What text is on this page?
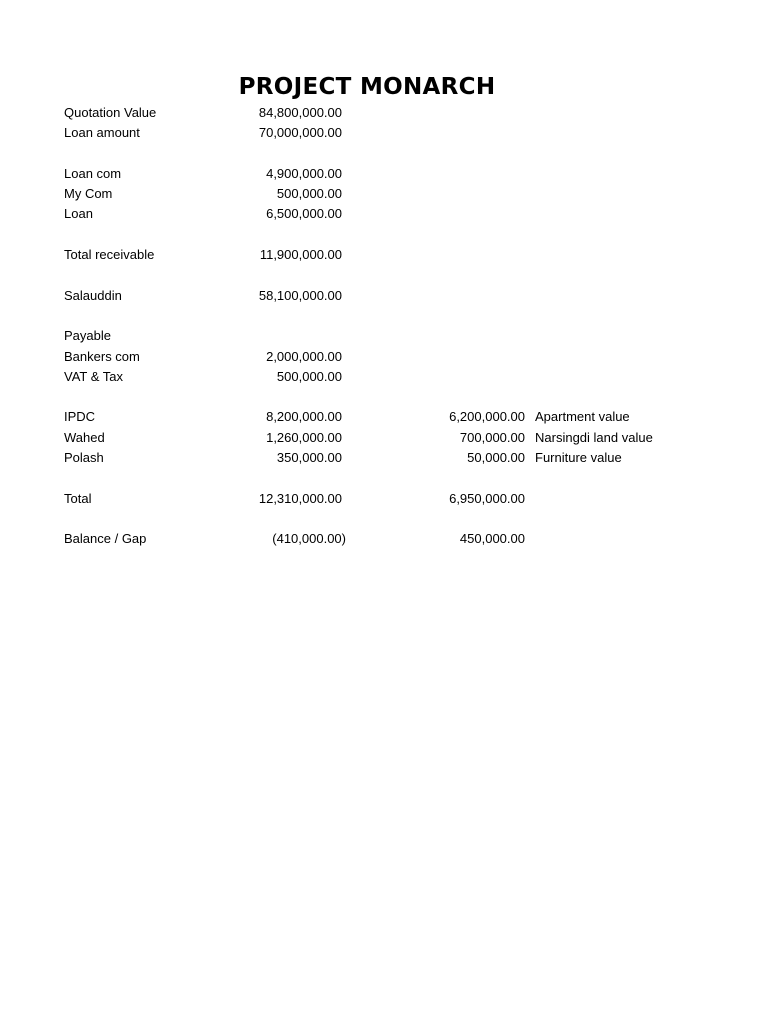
PROJECT MONARCH
Quotation Value	84,800,000.00
Loan amount	70,000,000.00
Loan com	4,900,000.00
My Com	500,000.00
Loan	6,500,000.00
Total receivable	11,900,000.00
Salauddin	58,100,000.00
Payable
Bankers com	2,000,000.00
VAT & Tax	500,000.00
IPDC	8,200,000.00	6,200,000.00 Apartment value
Wahed	1,260,000.00	700,000.00 Narsingdi land value
Polash	350,000.00	50,000.00 Furniture value
Total	12,310,000.00	6,950,000.00
Balance / Gap	(410,000.00)	450,000.00
